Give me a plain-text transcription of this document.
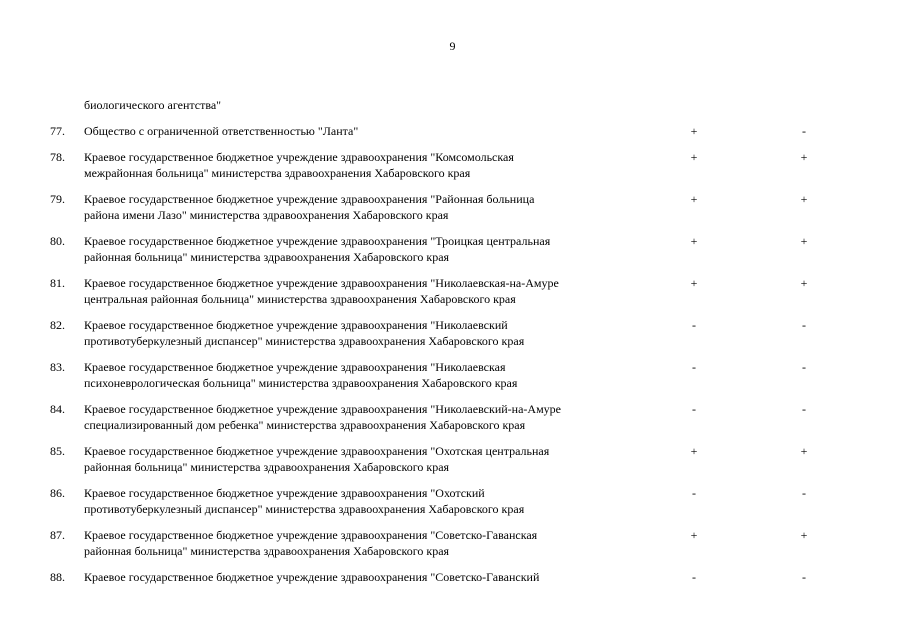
9
биологического агентства"
77.	Общество с ограниченной ответственностью "Ланта"	+	-
78.	Краевое государственное бюджетное учреждение здравоохранения "Комсомольская
межрайонная больница" министерства здравоохранения Хабаровского края
+	+
79.	Краевое государственное бюджетное учреждение здравоохранения "Районная больница
района имени Лазо" министерства здравоохранения Хабаровского края
+	+
80.	Краевое государственное бюджетное учреждение здравоохранения "Троицкая центральная
районная больница" министерства здравоохранения Хабаровского края
+	+
81.	Краевое государственное бюджетное учреждение здравоохранения "Николаевская-на-Амуре
центральная районная больница" министерства здравоохранения Хабаровского края
+	+
82.	Краевое государственное бюджетное учреждение здравоохранения "Николаевский
противотуберкулезный диспансер" министерства здравоохранения Хабаровского края
-	-
83.	Краевое государственное бюджетное учреждение здравоохранения "Николаевская
психоневрологическая больница" министерства здравоохранения Хабаровского края
-	-
84.	Краевое государственное бюджетное учреждение здравоохранения "Николаевский-на-Амуре
специализированный дом ребенка" министерства здравоохранения Хабаровского края
-	-
85.	Краевое государственное бюджетное учреждение здравоохранения "Охотская центральная
районная больница" министерства здравоохранения Хабаровского края
+	+
86.	Краевое государственное бюджетное учреждение здравоохранения "Охотский
противотуберкулезный диспансер" министерства здравоохранения Хабаровского края
-	-
87.	Краевое государственное бюджетное учреждение здравоохранения "Советско-Гаванская
районная больница" министерства здравоохранения Хабаровского края
+	+
88.	Краевое государственное бюджетное учреждение здравоохранения "Советско-Гаванский	-	-
